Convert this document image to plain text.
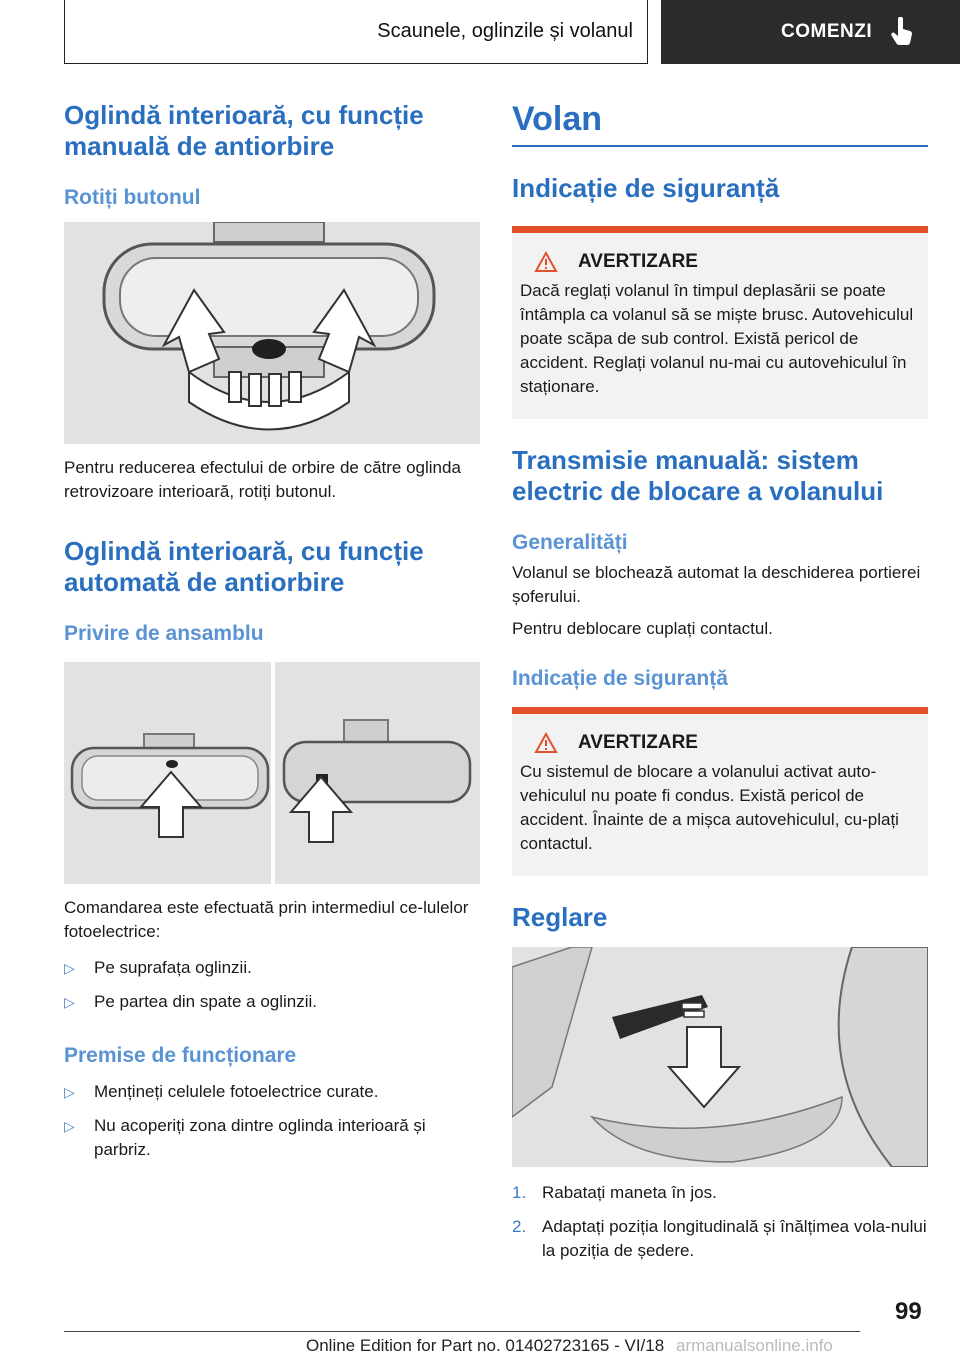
Scaunele, oglinzile și volanul	COMENZI
Oglindă interioară, cu funcție manuală de antiorbire
Rotiți butonul

Pentru reducerea efectului de orbire de către oglinda retrovizoare interioară, rotiți butonul.

Oglindă interioară, cu funcție automată de antiorbire
Privire de ansamblu

Comandarea este efectuată prin intermediul ce-lulelor fotoelectrice:

▷ Pe suprafața oglinzii.
▷ Pe partea din spate a oglinzii.
Premise de funcționare
▷ Mențineți celulele fotoelectrice curate.
▷ Nu acoperiți zona dintre oglinda interioară și parbriz.
Volan
Indicație de siguranță
AVERTIZARE

Dacă reglați volanul în timpul deplasării se poate întâmpla ca volanul să se miște brusc. Autovehiculul poate scăpa de sub control. Există pericol de accident. Reglați volanul nu-mai cu autovehiculul în staționare.

Transmisie manuală: sistem electric de blocare a volanului
Generalități

Volanul se blochează automat la deschiderea portierei șoferului.

Pentru deblocare cuplați contactul.

Indicație de siguranță
AVERTIZARE

Cu sistemul de blocare a volanului activat auto-vehiculul nu poate fi condus. Există pericol de accident. Înainte de a mișca autovehiculul, cu-plați contactul.

Reglare
1. Rabatați maneta în jos.
2. Adaptați poziția longitudinală și înălțimea vola-nului la poziția de ședere.
99
Online Edition for Part no. 01402723165 - VI/18 armanualsonline.info
